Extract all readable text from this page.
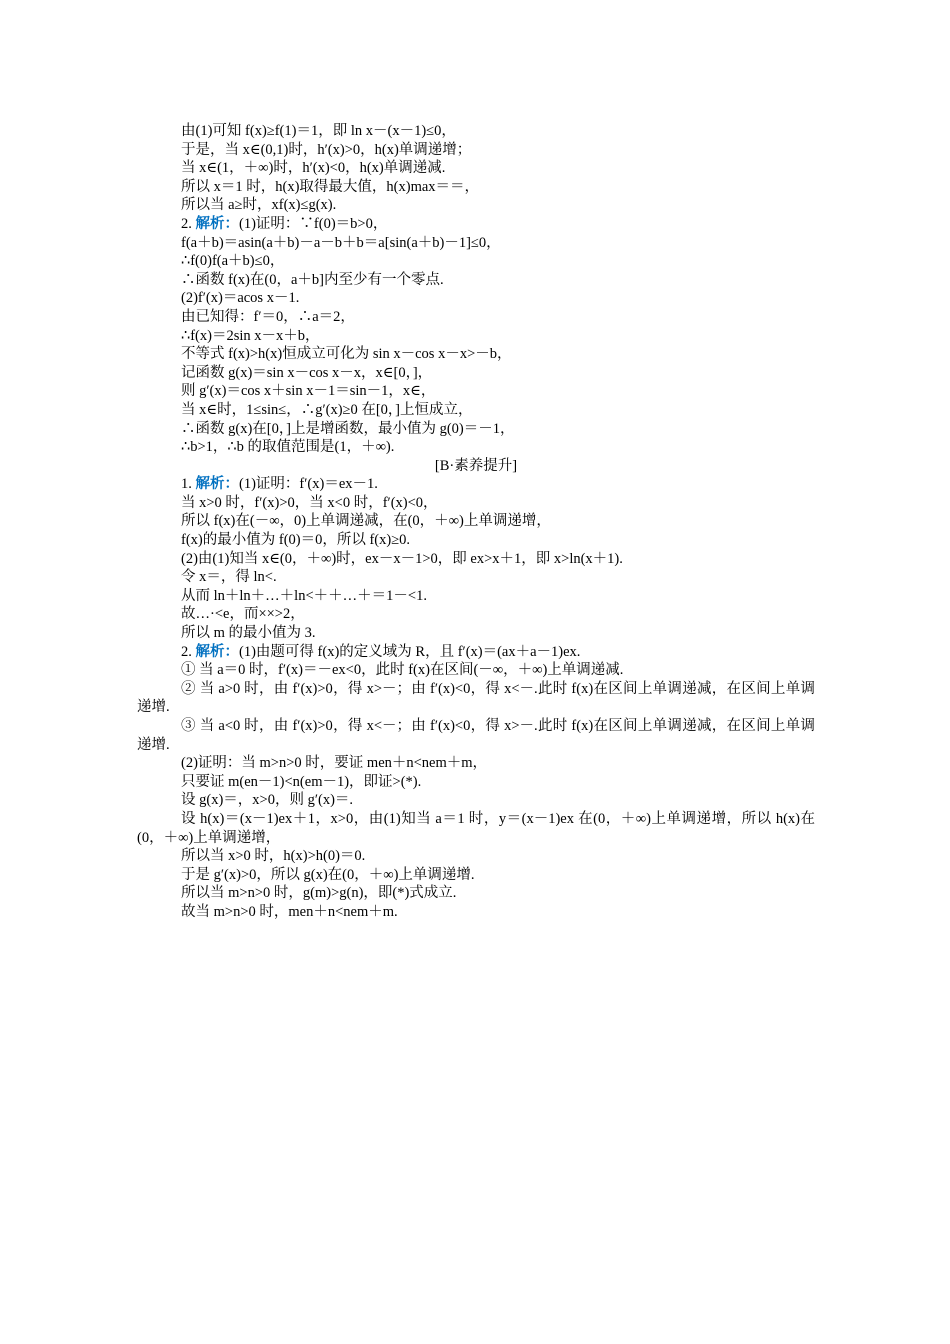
由(1)可知 f(x)≥f(1)＝1，即 ln x－(x－1)≤0，
于是，当 x∈(0,1)时，h′(x)>0，h(x)单调递增；
当 x∈(1，＋∞)时，h′(x)<0，h(x)单调递减.
所以 x＝1 时，h(x)取得最大值，h(x)max＝＝，
所以当 a≥时，xf(x)≤g(x).
2. 解析：(1)证明：∵f(0)＝b>0，
f(a＋b)＝asin(a＋b)－a－b＋b＝a[sin(a＋b)－1]≤0，
∴f(0)f(a＋b)≤0，
∴函数 f(x)在(0，a＋b]内至少有一个零点.
(2)f′(x)＝acos x－1.
由已知得：f′＝0，∴a＝2，
∴f(x)＝2sin x－x＋b，
不等式 f(x)>h(x)恒成立可化为 sin x－cos x－x>－b，
记函数 g(x)＝sin x－cos x－x，x∈[0，]，
则 g′(x)＝cos x＋sin x－1＝sin－1，x∈，
当 x∈时，1≤sin≤，∴g′(x)≥0 在[0，]上恒成立，
∴函数 g(x)在[0，]上是增函数，最小值为 g(0)＝－1，
∴b>1，∴b 的取值范围是(1，＋∞).
[B·素养提升]
1. 解析：(1)证明：f′(x)＝ex－1.
当 x>0 时，f′(x)>0，当 x<0 时，f′(x)<0，
所以 f(x)在(－∞，0)上单调递减，在(0，＋∞)上单调递增，
f(x)的最小值为 f(0)＝0，所以 f(x)≥0.
(2)由(1)知当 x∈(0，＋∞)时，ex－x－1>0，即 ex>x＋1，即 x>ln(x＋1).
令 x＝，得 ln<.
从而 ln＋ln＋…＋ln<＋＋…＋＝1－<1.
故…·<e，而××>2，
所以 m 的最小值为 3.
2. 解析：(1)由题可得 f(x)的定义域为 R，且 f′(x)＝(ax＋a－1)ex.
① 当 a＝0 时，f′(x)＝－ex<0，此时 f(x)在区间(－∞，＋∞)上单调递减.
② 当 a>0 时，由 f′(x)>0，得 x>－；由 f′(x)<0，得 x<－.此时 f(x)在区间上单调递减，在区间上单调递增.
③ 当 a<0 时，由 f′(x)>0，得 x<－；由 f′(x)<0，得 x>－.此时 f(x)在区间上单调递减，在区间上单调递增.
(2)证明：当 m>n>0 时，要证 men＋n<nem＋m，
只要证 m(en－1)<n(em－1)，即证>(*).
设 g(x)＝，x>0，则 g′(x)＝.
设 h(x)＝(x－1)ex＋1，x>0，由(1)知当 a＝1 时，y＝(x－1)ex 在(0，＋∞)上单调递增，所以 h(x)在(0，＋∞)上单调递增，
所以当 x>0 时，h(x)>h(0)＝0.
于是 g′(x)>0，所以 g(x)在(0，＋∞)上单调递增.
所以当 m>n>0 时，g(m)>g(n)，即(*)式成立.
故当 m>n>0 时，men＋n<nem＋m.
